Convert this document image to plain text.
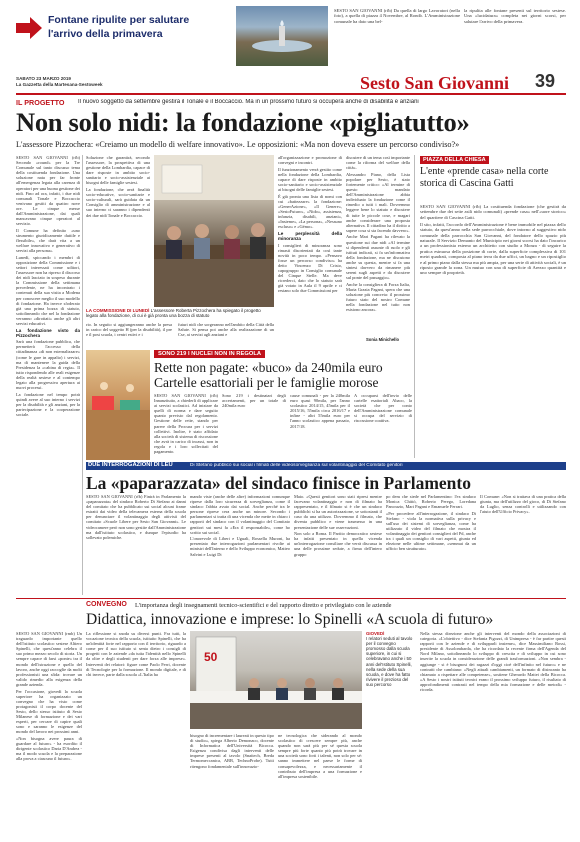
Fontane ripulite per salutare
l'arrivo della primavera
SESTO SAN GIOVANNI (rfb) Da quella di largo Lavoratori (nella foto), a quella di piazza 4 Novembre, al Rondò. L'Amministrazione comunale ha dato una bel-
la ripulita alle fontane presenti sul territorio sestese. Una «lucidatura» completa nei giorni scorsi, per salutare l'arrivo della primavera.
SABATO 23 MARZO 2019
La Gazzetta della Martesana-Sestoweek	Sesto San Giovanni 39
IL PROGETTO Il nuovo soggetto da settembre gestirà il Tonale e il Boccaccio. Ma in un prossimo futuro si occuperà anche di disabilità e anziani
Non solo nidi: la fondazione «pigliatutto»
L'assessore Pizzochera: «Creiamo un modello di welfare innovativo». Le opposizioni: «Ma non doveva essere un percorso condiviso?»

SESTO SAN GIOVANNI (rfb) Secondo «round» per la Tre Comunale sul tanto discusso tema della costituenda fondazione. Una soluzione nata per far fronte all'emergenza legata alla carenza di operatori per una buona gestione dei nidi. Fino ad ora, infatti, i due nidi comunali Tonale e Boccaccio venivano gestiti da quattro nove ore. Le cinque messe dall'Amministrazione, dai quali mancavano cinque operatori al servizio.

Il Comune ha definito «uno strumento giuridicamente duttile e flessibile», che darà vita a un welfare innovativo e generativo di servizi alla persona».

Lunedì, spiccando i membri di opposizione della Commissione e i settori interessati come uditori, l'assessore non ha ripreso il discorso dei nidi lasciato in sospeso durante la Commissione della settimana precedente, ne ha incontrato i contenuti della sua visita a Modena per conoscere meglio il suo modello di fondazione. Ha invece sfoderato già una prima bozza di statuto, sottolineando che nel la fondazione verranno «dirottati» anche gli altri servizi educativi.

La fondazione visto da Pizzochera

Sarà una fondazione pubblica, che permetterà l'accesso della cittadinanza «di non esternalizzare» (come le gare in appalto) i servizi, ma di mantenere la guida della Presidenza la «cabina di regia». Il tutto rispondendo alle reali esigenze della realtà sestese e al contempo legato alla progressiva apertura ai nuovi processi.

La fondazione nel tempo potrà quindi avere al suo interno i servizi per la disabilità e gli anziani, per la partecipazione e la cooperazione sociale.

Soluzione che garantirà, secondo l'assessore, la prospettiva di una gestione della Lombardia, capace di dare risposte in ambito socio-sanitario e socio-assistenziale ai bisogni delle famiglie sestesi.

La fondazione, che avrà finalità socio-educative, socio-sanitarie e socio-culturali, sarà guidata da un Consiglio di amministrazione e al suo interno ci saranno i dipendenti dei due nidi Tonale e Boccaccio.

LA COMMISSIONE DI LUNEDÌ L'assessore Roberta Pizzochera ha spiegato il progetto legato alla fondazione, di cui è già pronta una bozza di statuto
rio. In seguito si aggiungeranno anche la presa in carico del soggetto H (per la disabilità), il pre e il post scuola, i centri estivi e i
futuri nidi che sorgeranno nell'ambito della Città della Salute. Si pensa poi anche alla realizzazione di un Cse, ai servizi agli anziani e

all'organizzazione e promozione di convegni e incontri.

Il funzionamento verrà gestito come nella fondazione della Lombardia, capace di dare risposte in ambito socio-sanitario e socio-assistenziale ai bisogni delle famiglie sestesi.

È già pronta una lista di nomi con cui «battezzare» la fondazione: «GenerAzione», «Il Genere», «SestoFuturo», «Nido», assistenza, infanzia, disabili, anziani», «Insieme», «La persona», «Nessuno escluso» e «Gémo».

Le perplessità della minoranza

I consiglieri di minoranza sono rimasti disorientati da così tante novità in poco tempo. «Pensavo fosse un percorso condiviso» ha detto Vincenzo Di Cristo, capogruppo in Consiglio comunale del Cinque Stelle. Ma deve ricrederci, dato che lo statuto sarà già votato in Aula il 9 aprile e ci restano solo due Commissioni per

discutere di un tema così importante come la riforma del welfare della città».

Alessandro Piano, della Lista popolare per Sesto, è stato fortemente critico: «Al termine di questo mandato dell'Amministrazione abbia individuato la fondazione come il rimedio a tutti i mali. Dovremmo leggere bene lo statuto e discutere di tutte le piccole cose, e magari anche considerare una proposta alternativa. Il cittadino ha il diritto a sapere cosa si sta facendo davvero».

Anche Mari Pagani ha rilevato la questione sui due nidi «Al termine si dipendenti assunte di ruolo e gli istituti indicati, si fa un'informativa della fondazione, ma ne discutono anche su questa, mentre si fa una sintesi davvero da rimanere più sereni sugli aspetti e da discutere sul ponte del passaggio».

Anche la consigliera di Forza Italia, Maria Grazia Pagani, spera che una soluzione più concreta: il prossimo futuro stato del nostro Comune nella fondazione nel tutto non esistono ancora».

Sonia Minichello
PIAZZA DELLA CHIESA
L'ente «prende casa» nella corte storica di Cascina Gatti

SESTO SAN GIOVANNI (rfb) La costituenda fondazione (che gestirà da settembre due dei sette asili nido comunali) «prende casa» nell'«uore storico» del quartiere di Cascina Gatti.

Il sito, infatti, l'accordo dell'Amministrazione è bene immobile nel piazza dello statuto, da quest'anno nella sede parrocchiale, dove intorno al suggestivo nido comunale della parrocchia San Giovanni, del fondatore dello spazio più naturale. Il Servizio Demanio del Municipio nei giorni scorsi ha dato l'incarico a un professionista esterno un architetto con studio a Monza - di seguire la pratica esinuosa della posizione di corte, dalla superficie complessiva di 101 metri quadrati, composta al piano terra da due uffici, un bagno e un ripostiglio e al primo piano dalla stessa ma più ampia, per una serie di attività sociali, è un riposto grande la zona. Un mutuo con una di superficie di Arezzo quantità e uno sempre di proprietà.

SONO 219 I NUCLEI NON IN REGOLA
Rette non pagate: «buco» da 240mila euro
Cartelle esattoriali per le famiglie morose
SESTO SAN GIOVANNI (rfb) Innanzitutto, a chiederli di applicare ai servizi scolastici. Ad iniziare da quelli di norma e dare seguito quanto previsto dal regolamento. Gestione delle rette, stando per parere della Procura per i servizi collettivi. Inoltre, è stato affidato alla società di sistema di riscossione che avrà in carico di incassi, non in regola e i loro sollecitati del pagamento.
Sono 219 i destinatari degli accertamenti, per un totale di 240mila euro
cause comunali - per la 240mila euro quasi 90mila, per l'anno scolastico 2014/15, 45mila per il 2015/16, 55mila circa 2016/17 e infine - altri 55mila euro per l'anno scolastico appena passato, 2017/18.
A occuparsi dell'invio delle cartelle esattoriali Abaco, la società che per conto dell'Amministrazione comunale si occupa del servizio di riscossione coattiva.
DUE INTERROGAZIONI DI LEU	Di Stefano pubblicò sui social i filmati delle videosorveglianza sul volantinaggio del Comitato genitori
La «paparazzata» del sindaco finisce in Parlamento
SESTO SAN GIOVANNI (rfb) Finirà in Parlamento la «paparazzata» del sindaco Roberto Di Stefano ai danni del comitato che ha pubblicato sui social alcuni frame estratti dai video della telecamera esterna della scuola per denunciare il volantinaggio degli attivisti del comitato «Scuole Libere per Sesto San Giovanni». Le videocamere però non sono gestite dall'Amministrazione ma dall'istituto scolastico, e dunque l'episodio ha sollevato polemiche.

mando viste (anche delle altre) informazioni comunque riprese dalla loro sicurezza di sorveglianza, come il sindaco l'abbia avuto dai social. Anche perché tra le persone riprese cera anche un minore. Secondo i parlamentari si tratta di una vicenda che mette in chiaro i rapporti del sindaco con il volantinaggio del Comitato genitori sui mesi fa «Era il responsabile», come ho scritto sui social.

L'onorevole di Liberi e Uguali, Rossella Muroni, ha presentato due interrogazioni parlamentari rivolte ai ministri dell'Interno e dello Sviluppo economico, Matteo Salvini e Luigi Di

Maio. «Questi genitori sono stati ripresi mentre facevano volantinaggio e non di filmato ha rappresentato, e il filmato si è che un sindaco pubblichi si ha un autorizzazione, se sottostanti il caso da una utilizzo. Dovremmo il filmato, che diventa pubblico e viene trasmesso in una presentazione delle sue osservazioni.

Non solo a Roma. Il Partito democratico sestese ha infatti presentato in quella vicenda un'interrogazione consiliare che verrà discussa in una delle prossime sedute, a firma dell'intero gruppo

po dem che siede nel Parlamentino: l'ex sindaco Monica Chittò, Roberto Perego, Loredana Pancrazio, Mari Pagani e Emanuele Ferrari.

«Per procedere all'interrogazione, il sindaco Di Stefano - viola la normativa sulla privacy e sull'uso dei sistemi di sorveglianza, come ha utilizzato il video del filmato che mostra il volantinaggio dei genitori consiglieri del Pd, anche tra i quali un consiglio di vari aspetti, giunta ed elezione nelle ultime settimane, «semmai da un ufficio ben strutturato»

Il Comune: «Non si trattava di una pratica della giunta, ma dell'utilizzo del gioco, di Di Stefano da Luglio, senza controlli e utilizzando con l'aiuto dell'Ufficio Privacy».
CONVEGNO L'importanza degli insegnamenti tecnico-scientifici e del rapporto diretto e privilegiato con le aziende
Didattica, innovazione e imprese: lo Spinelli «A scuola di futuro»

SESTO SAN GIOVANNI (rmb) Un traguardo importante quello dell'istituto scolastico sestese Altiero Spinelli, che quest'anno celebra il suo primo mezzo secolo di storia. Un sempre capace di farsi «ponte» tra il mondo dell'istruzione e quello del lavoro, anche oggi raccoglie da molti professionisti una sfida: trovare un valido rimedio alla esigenza della grande azienda.

Per l'occasione, giovedì la scuola superiore ha organizzato un convegno che ha visto come protagonisti il corpo docente del Sesto, dello stesso istituto di Sesto Milanese di formazione e dei vari esperti, per cercare di capire quali sono e saranno le esigenze del mondo del lavoro nei prossimi anni.

«Non bisogna avere paura di guardare al futuro» - ha esordito il dirigente scolastico Daria D'Andrea - ma il modo scuola e la preparazione alla prova a ciascuno il futuro».

La riflessione si snoda su diversi punti. Fra tutti, la vocazione tecnica della scuola, istituito Spinelli, che ha un'identità forte nel rapporto con il territorio, riguardo a come per il suo istituto si senta dietro i consigli di progetti con le aziende «da tutta l'identità nello Spinelli da oltre e degli studenti per dare forza alle imprese». Interventi dei relatori: figure come Paolo Ferri, docente di Tecnologie per la formazione. Il mondo digitale, e di chi invece, parte dalla scuola «L'Italia ha
50
GIOVEDÌ
I relatori seduti al tavolo per il convegno promosso dalla scuola superiore, in cui si celebravano anche i 50 anni del'Istituto Spinelli, nella sede della sua scuola, e dove ha fatto rivivere il prezioso del suo percorso
bisogno di incrementare i laureati in questo tipo di studio», spiega Alberto Demonaco, docente di Informatica dell'Università Bicocca. Esigenza condivisa dagli interventi delle imprese presenti al tavolo (Snaitech, Breda Termomeccanica, ABB, TechnoProbe). Tutti ritengono fondamentale sull'innovazio-
ne tecnologica che siderando al mondo scolastico di crescere sempre più, anche quando non sarà più per sé questa scuola sempre più forte quanto più potrà trovare in una società sono forti i talenti, non solo per sé: sanno immettere nel paese le forme di consapevolezza, e necessariamente il contributo dell'impresa a una formazione e all'impresa sostenibile.
Nella stessa direzione anche gli interventi del mondo della associazioni di categoria. «L'obiettivo - dice Stefania Pigozzi, di Unimpresa - è far partire questi rapporti con le aziende e di svilupparli insieme», dice Massimiliano Rossi, presidente di Assolombarda, che ha ricordato la recente firma dell'Agenda del Nord Milano, sottolineando lo sviluppo di crescita e di sviluppo in cui sono inserite la scuola in considerazione delle grandi trasformazioni. «Non sembra - aggiunge - si è bisognosi dei ragazzi d'oggi cioè dell'infinito nel futuro» e ne contratti che cambiano: «Negli attuali cambiamenti, un formato di disincanto ha chiamato a rispettare alle competenze», sostiene Gherardo Mattei della Bicocca. «A Sesto i nostri istituti tecnici erano il prossimo sviluppo futuro, il risultato di approfondimenti contrasti nel tempo della mia formazione e delle metodi» - ricorda.
